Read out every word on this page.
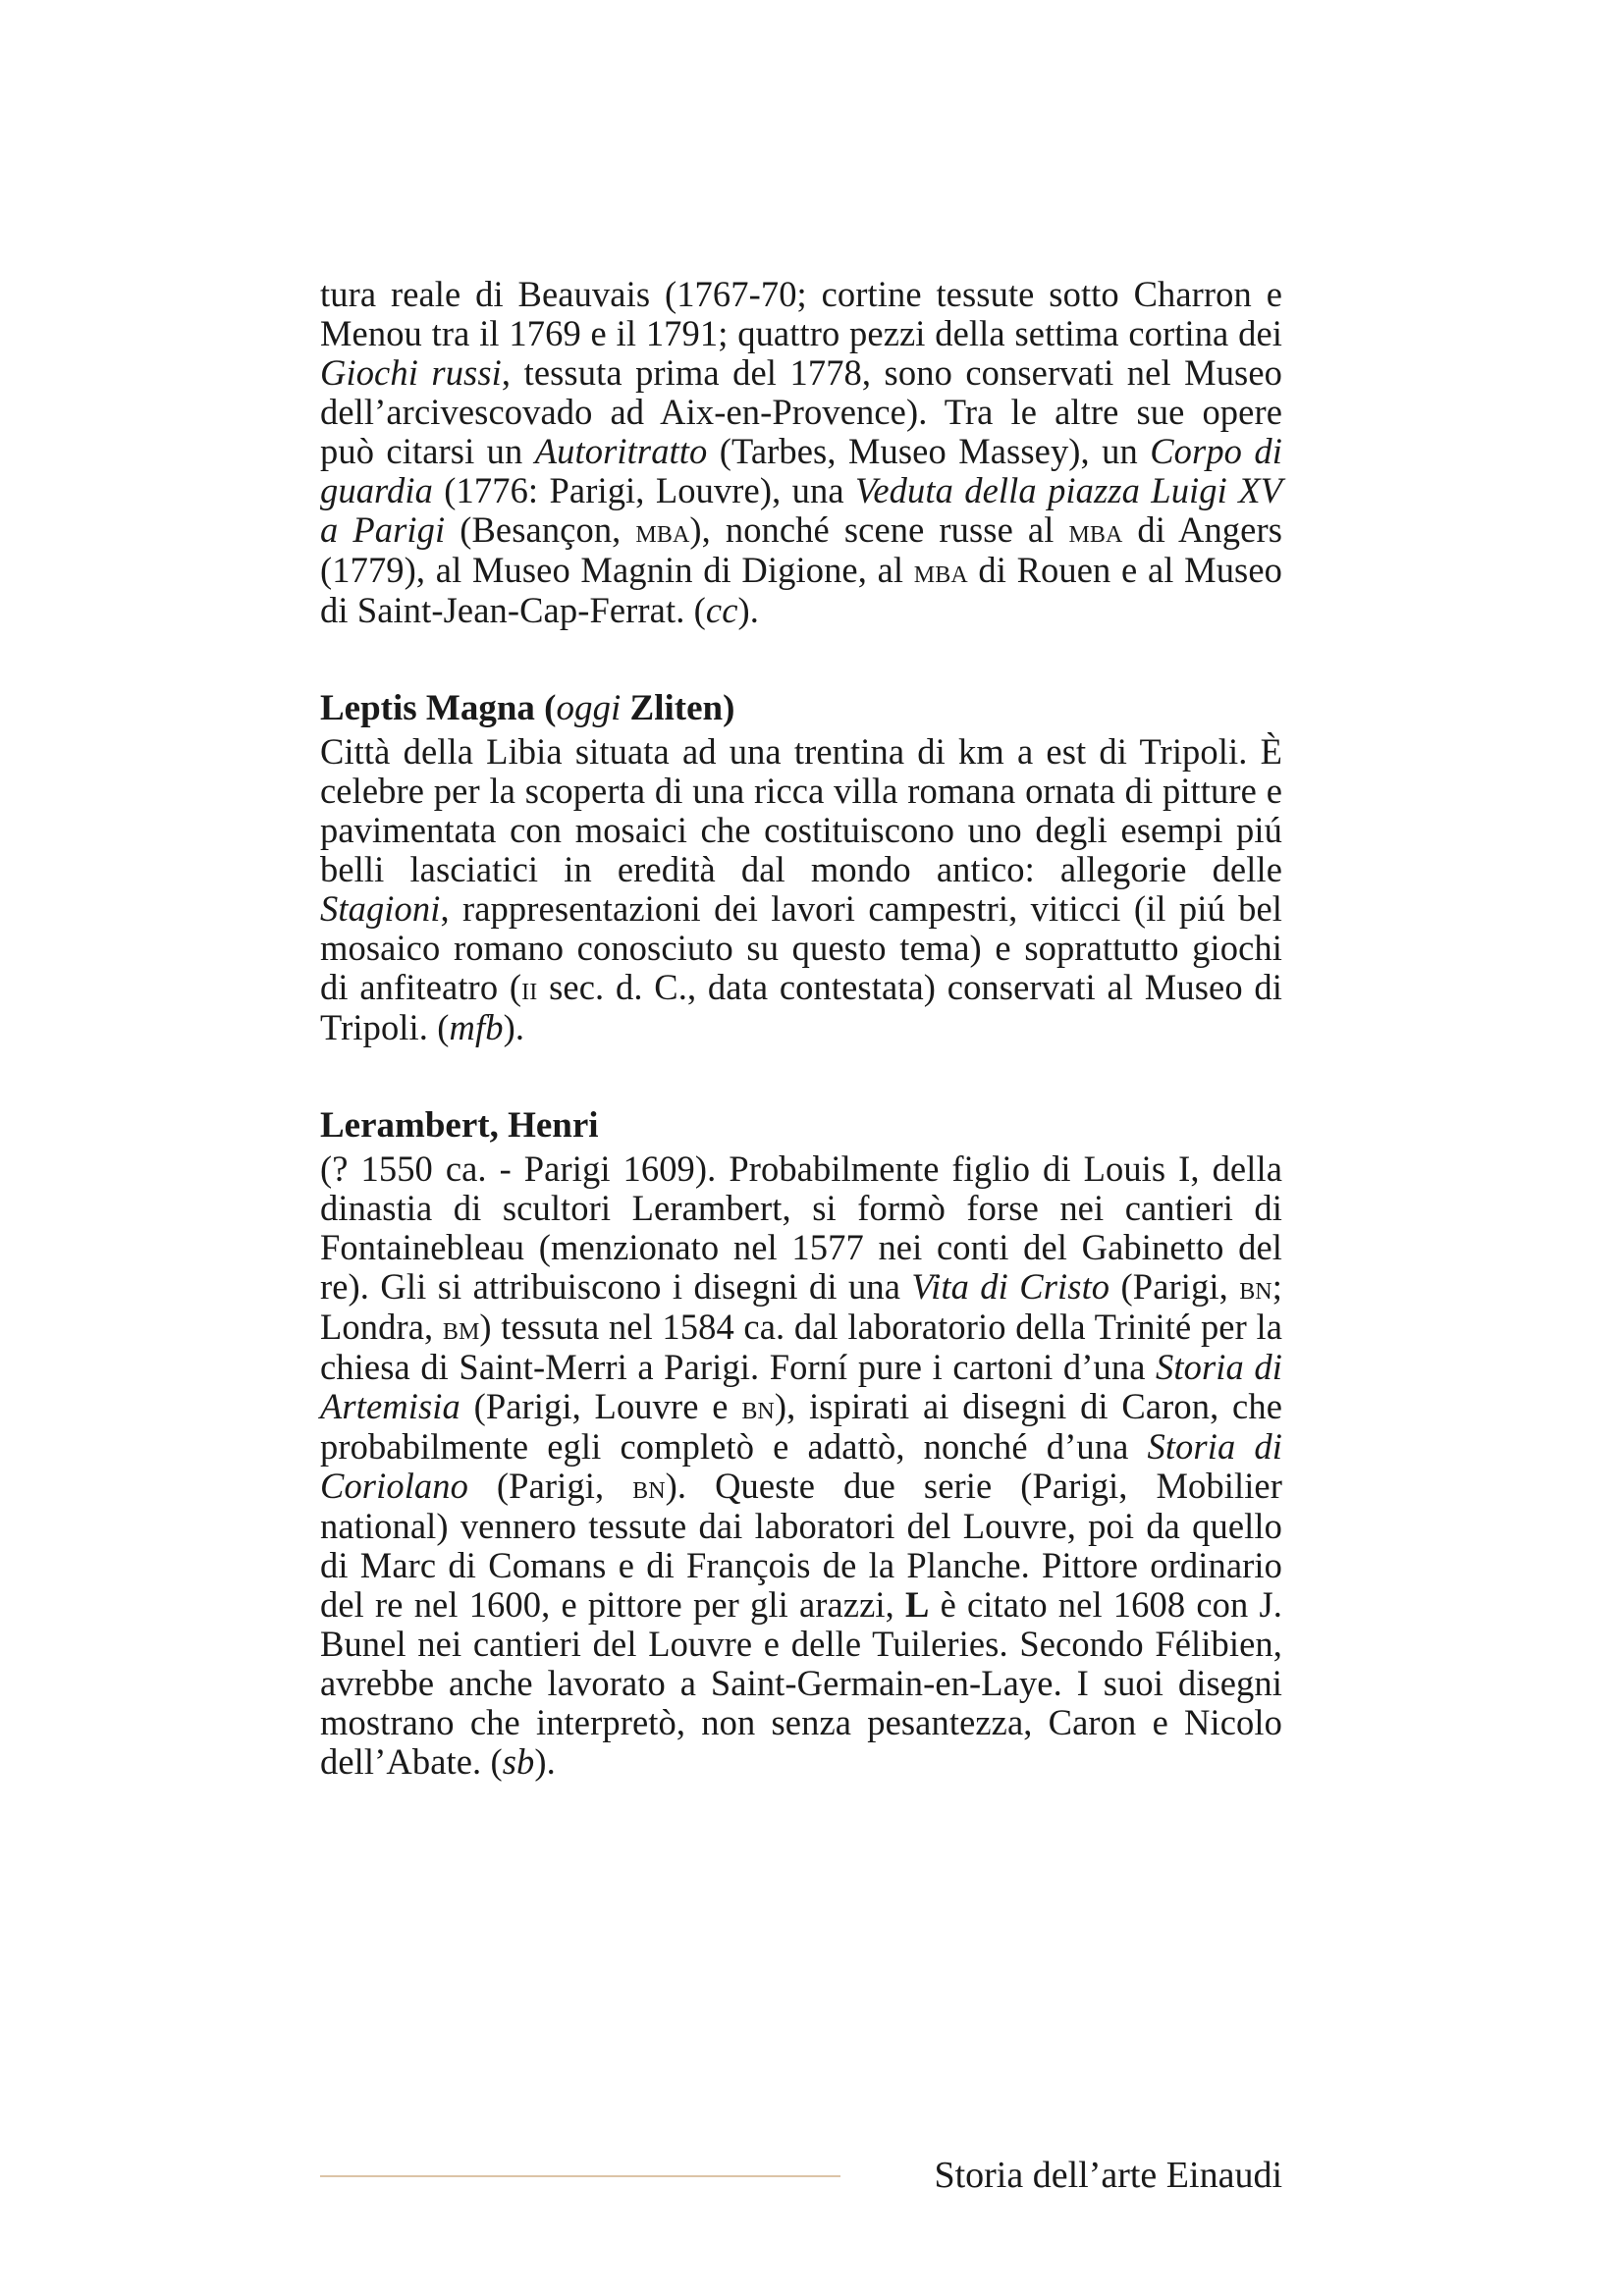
tura reale di Beauvais (1767-70; cortine tessute sotto Charron e Menou tra il 1769 e il 1791; quattro pezzi della settima cortina dei Giochi russi, tessuta prima del 1778, sono conservati nel Museo dell’arcivescovado ad Aix-en-Provence). Tra le altre sue opere può citarsi un Autoritratto (Tarbes, Museo Massey), un Corpo di guardia (1776: Parigi, Louvre), una Veduta della piazza Luigi XV a Parigi (Besançon, mba), nonché scene russe al mba di Angers (1779), al Museo Magnin di Digione, al mba di Rouen e al Museo di Saint-Jean-Cap-Ferrat. (cc).

Leptis Magna (oggi Zliten)

Città della Libia situata ad una trentina di km a est di Tripoli. È celebre per la scoperta di una ricca villa romana ornata di pitture e pavimentata con mosaici che costituiscono uno degli esempi piú belli lasciatici in eredità dal mondo antico: allegorie delle Stagioni, rappresentazioni dei lavori campestri, viticci (il piú bel mosaico romano conosciuto su questo tema) e soprattutto giochi di anfiteatro (ii sec. d. C., data contestata) conservati al Museo di Tripoli. (mfb).

Lerambert, Henri

(? 1550 ca. - Parigi 1609). Probabilmente figlio di Louis I, della dinastia di scultori Lerambert, si formò forse nei cantieri di Fontainebleau (menzionato nel 1577 nei conti del Gabinetto del re). Gli si attribuiscono i disegni di una Vita di Cristo (Parigi, bn; Londra, bm) tessuta nel 1584 ca. dal laboratorio della Trinité per la chiesa di Saint-Merri a Parigi. Forní pure i cartoni d’una Storia di Artemisia (Parigi, Louvre e bn), ispirati ai disegni di Caron, che probabilmente egli completò e adattò, nonché d’una Storia di Coriolano (Parigi, bn). Queste due serie (Parigi, Mobilier national) vennero tessute dai laboratori del Louvre, poi da quello di Marc di Comans e di François de la Planche. Pittore ordinario del re nel 1600, e pittore per gli arazzi, L è citato nel 1608 con J. Bunel nei cantieri del Louvre e delle Tuileries. Secondo Félibien, avrebbe anche lavorato a Saint-Germain-en-Laye. I suoi disegni mostrano che interpretò, non senza pesantezza, Caron e Nicolo dell’Abate. (sb).

Storia dell’arte Einaudi
